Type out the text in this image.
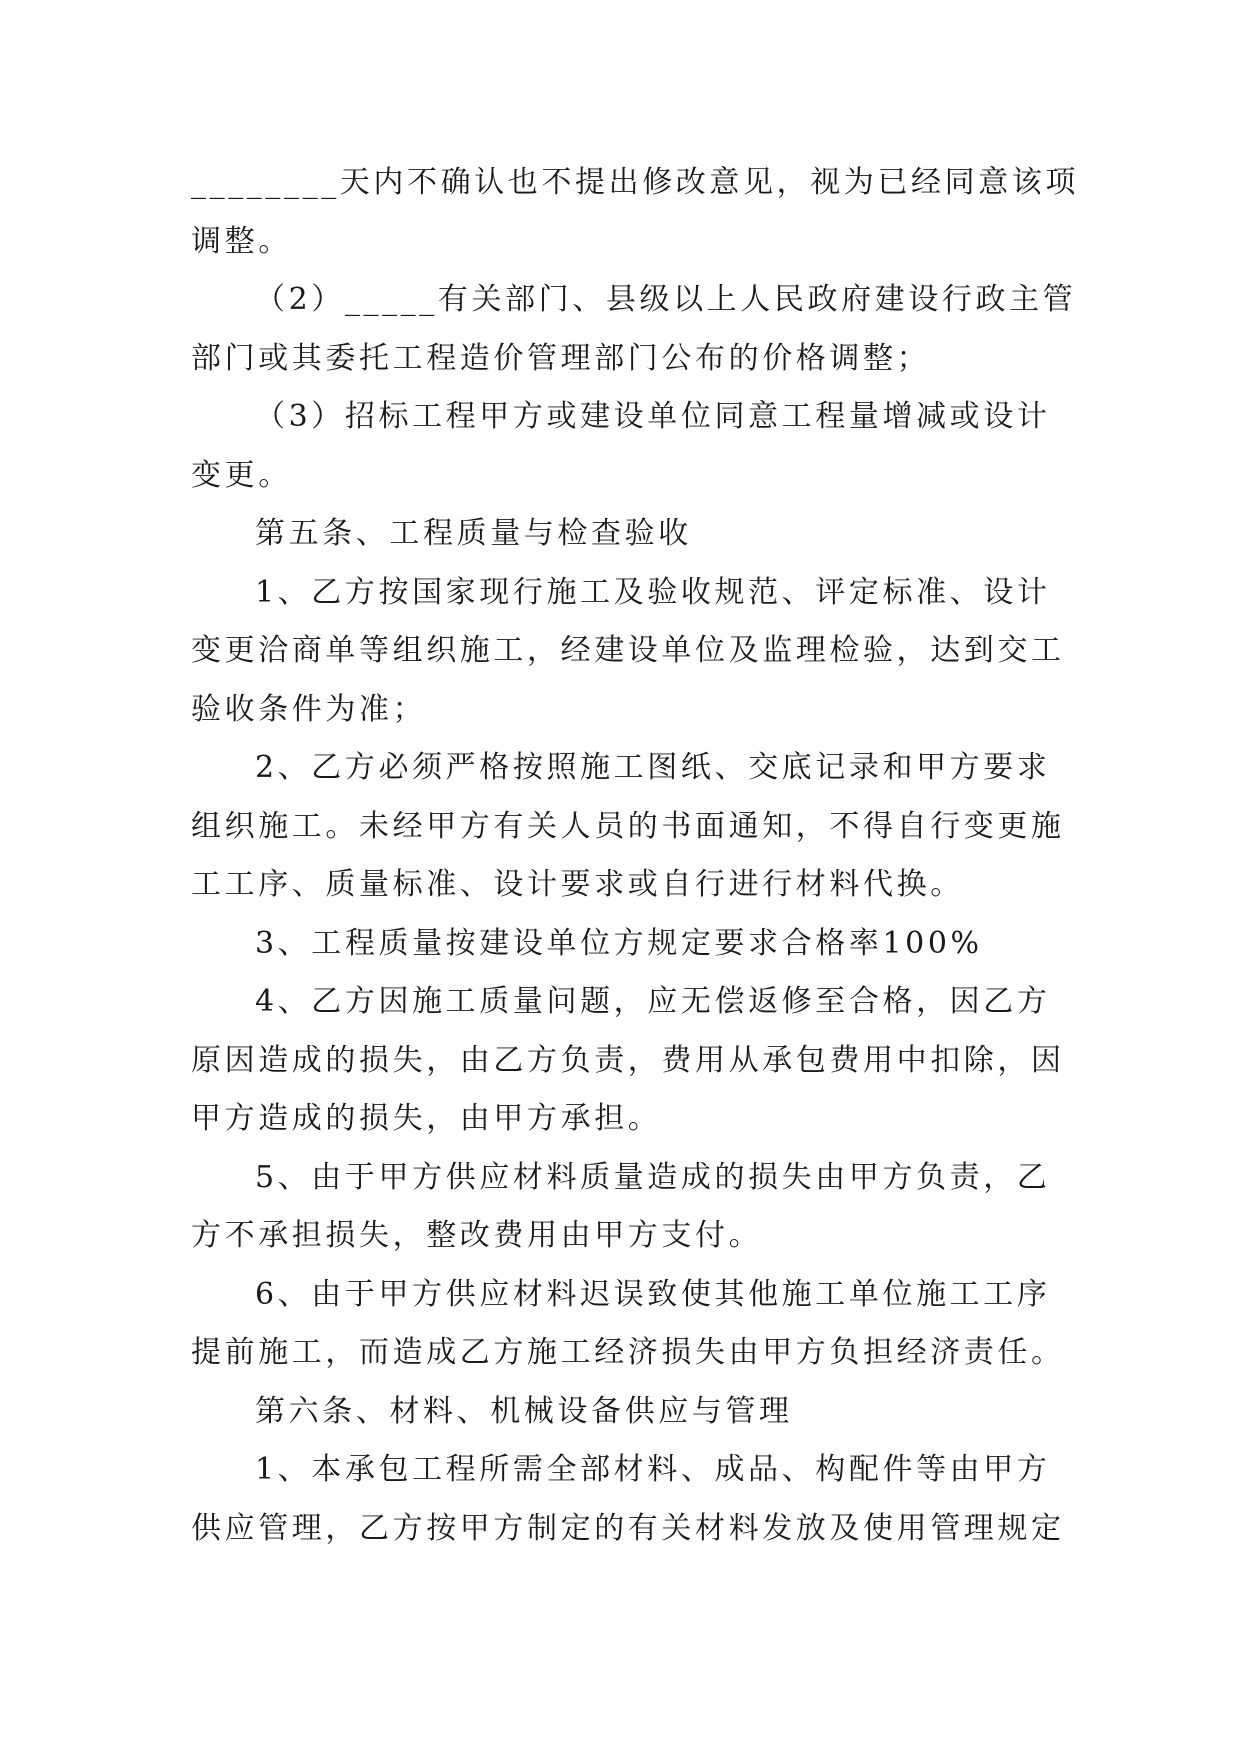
________天内不确认也不提出修改意见，视为已经同意该项

调整。

（2）_____有关部门、县级以上人民政府建设行政主管

部门或其委托工程造价管理部门公布的价格调整；

（3）招标工程甲方或建设单位同意工程量增减或设计

变更。

第五条、工程质量与检查验收

1、乙方按国家现行施工及验收规范、评定标准、设计

变更洽商单等组织施工，经建设单位及监理检验，达到交工

验收条件为准；

2、乙方必须严格按照施工图纸、交底记录和甲方要求

组织施工。未经甲方有关人员的书面通知，不得自行变更施

工工序、质量标准、设计要求或自行进行材料代换。

3、工程质量按建设单位方规定要求合格率100%

4、乙方因施工质量问题，应无偿返修至合格，因乙方

原因造成的损失，由乙方负责，费用从承包费用中扣除，因

甲方造成的损失，由甲方承担。

5、由于甲方供应材料质量造成的损失由甲方负责，乙

方不承担损失，整改费用由甲方支付。

6、由于甲方供应材料迟误致使其他施工单位施工工序

提前施工，而造成乙方施工经济损失由甲方负担经济责任。

第六条、材料、机械设备供应与管理

1、本承包工程所需全部材料、成品、构配件等由甲方

供应管理，乙方按甲方制定的有关材料发放及使用管理规定
